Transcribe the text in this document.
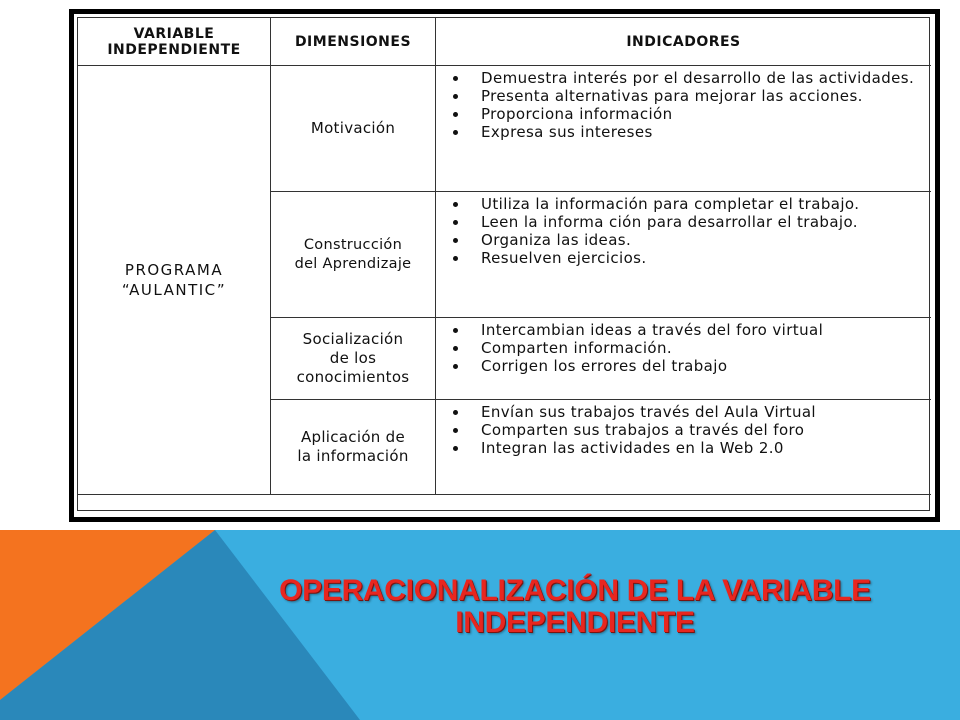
VARIABLE
INDEPENDIENTE	DIMENSIONES	INDICADORES
PROGRAMA
“AULANTIC”
Motivación
Demuestra interés por el desarrollo de las actividades.
Presenta alternativas para mejorar las acciones.
Proporciona información
Expresa sus intereses
Construcción
del Aprendizaje
Utiliza la información para completar el trabajo.
Leen la informa ción para desarrollar el trabajo.
Organiza las ideas.
Resuelven ejercicios.
Socialización
de los
conocimientos
Intercambian ideas a través del foro virtual
Comparten información.
Corrigen los errores del trabajo
Aplicación de
la información
Envían sus trabajos través del Aula Virtual
Comparten sus trabajos a través del foro
Integran las actividades en la Web 2.0
OPERACIONALIZACIÓN DE LA VARIABLE
INDEPENDIENTE
